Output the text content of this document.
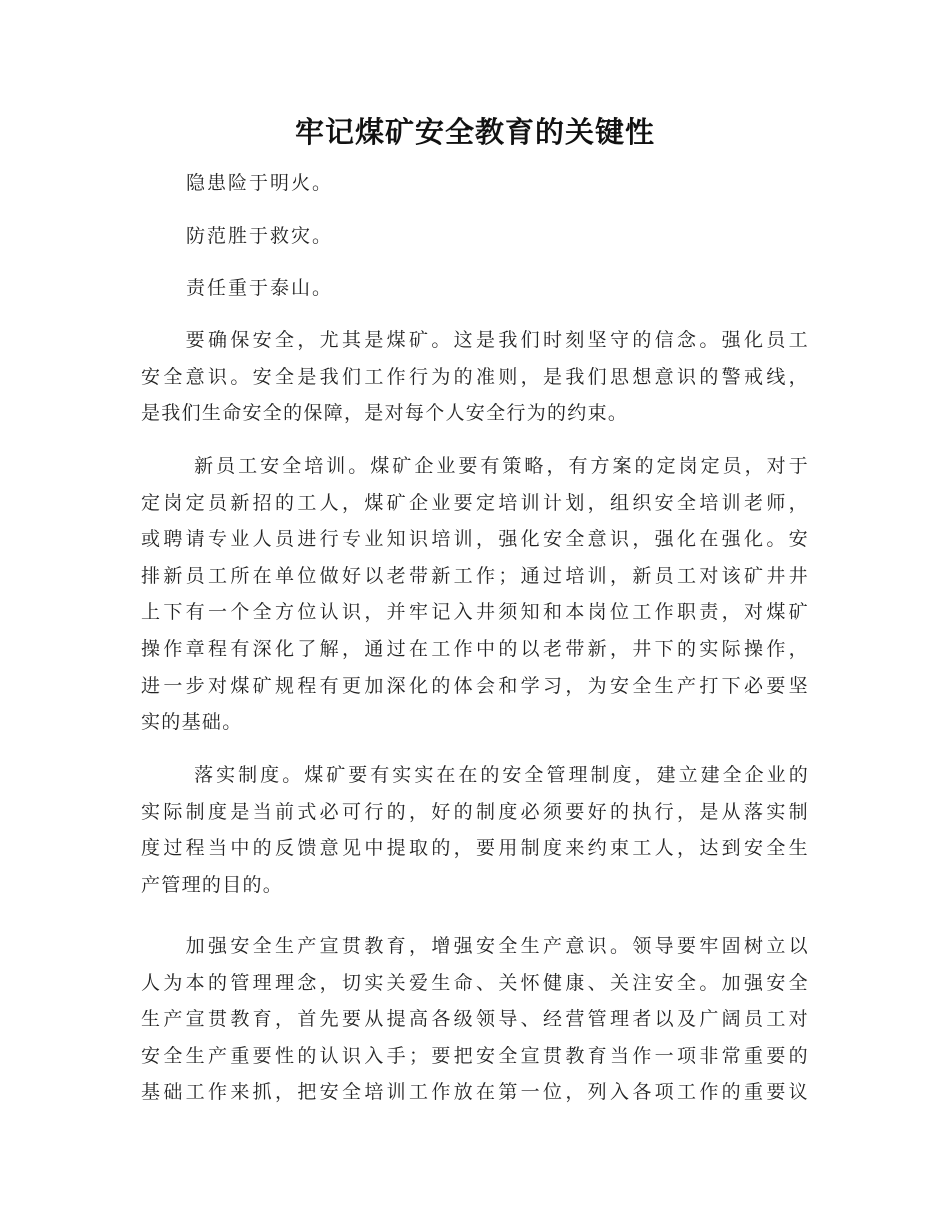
牢记煤矿安全教育的关键性

隐患险于明火。

防范胜于救灾。

责任重于泰山。

　　要确保安全，尤其是煤矿。这是我们时刻坚守的信念。强化员工
安全意识。安全是我们工作行为的准则，是我们思想意识的警戒线，
是我们生命安全的保障，是对每个人安全行为的约束。
　　 新员工安全培训。煤矿企业要有策略，有方案的定岗定员，对于
定岗定员新招的工人，煤矿企业要定培训计划，组织安全培训老师，
或聘请专业人员进行专业知识培训，强化安全意识，强化在强化。安
排新员工所在单位做好以老带新工作；通过培训，新员工对该矿井井
上下有一个全方位认识，并牢记入井须知和本岗位工作职责，对煤矿
操作章程有深化了解，通过在工作中的以老带新，井下的实际操作，
进一步对煤矿规程有更加深化的体会和学习，为安全生产打下必要坚
实的基础。
　　 落实制度。煤矿要有实实在在的安全管理制度，建立建全企业的
实际制度是当前式必可行的，好的制度必须要好的执行，是从落实制
度过程当中的反馈意见中提取的，要用制度来约束工人，达到安全生
产管理的目的。
　　加强安全生产宣贯教育，增强安全生产意识。领导要牢固树立以
人为本的管理理念，切实关爱生命、关怀健康、关注安全。加强安全
生产宣贯教育，首先要从提高各级领导、经营管理者以及广阔员工对
安全生产重要性的认识入手；要把安全宣贯教育当作一项非常重要的
基础工作来抓，把安全培训工作放在第一位，列入各项工作的重要议
